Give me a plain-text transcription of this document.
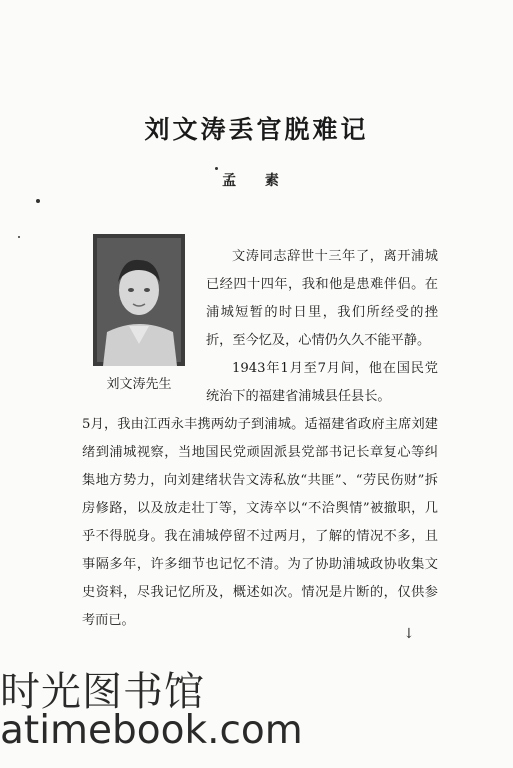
刘文涛丢官脱难记
孟 素
刘文涛先生

文涛同志辞世十三年了，离开浦城已经四十四年，我和他是患难伴侣。在浦城短暂的时日里，我们所经受的挫折，至今忆及，心情仍久久不能平静。

1943年1月至7月间，他在国民党统治下的福建省浦城县任县长。

5月，我由江西永丰携两幼子到浦城。适福建省政府主席刘建绪到浦城视察，当地国民党顽固派县党部书记长章复心等纠集地方势力，向刘建绪状告文涛私放“共匪”、“劳民伤财”拆房修路，以及放走壮丁等，文涛卒以“不洽舆情”被撤职，几乎不得脱身。我在浦城停留不过两月，了解的情况不多，且事隔多年，许多细节也记忆不清。为了协助浦城政协收集文史资料，尽我记忆所及，概述如次。情况是片断的，仅供参考而已。

↓
时光图书馆
atimebook.com
